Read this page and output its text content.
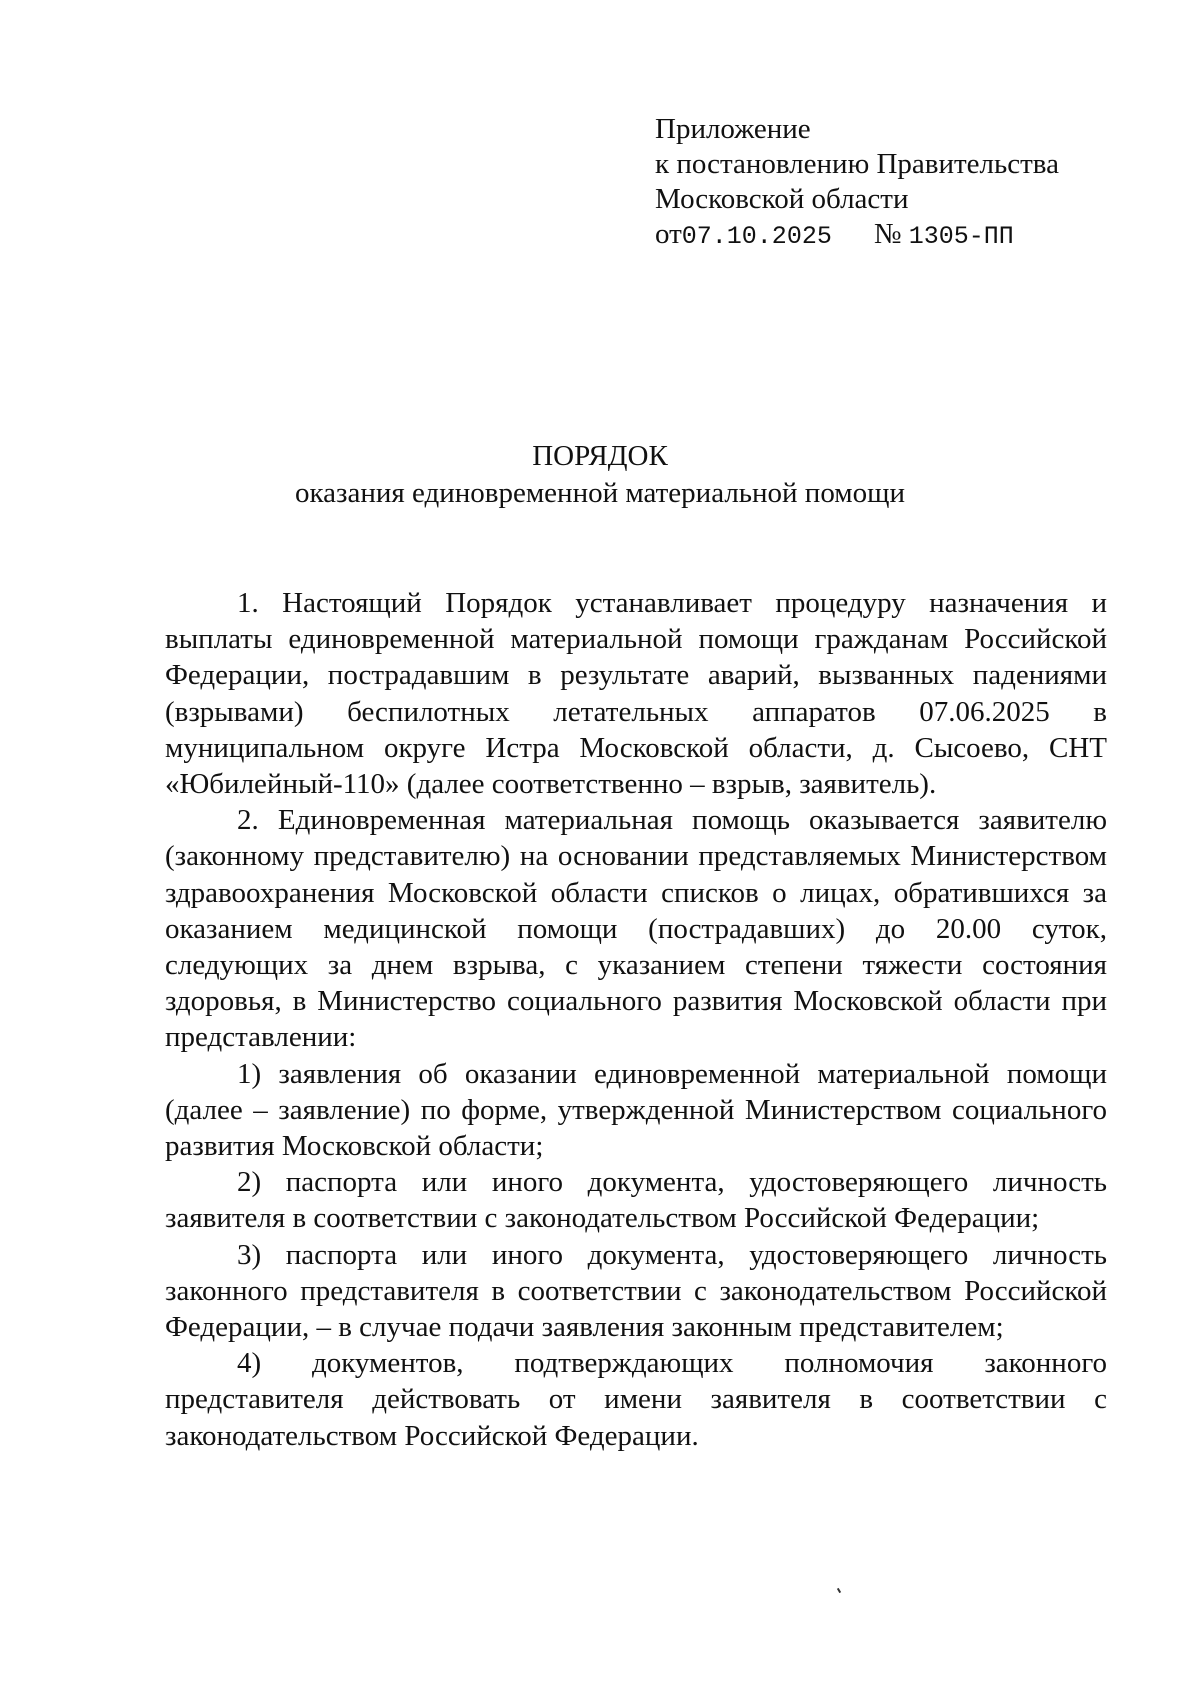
Приложение
к постановлению Правительства
Московской области
от07.10.2025 № 1305-ПП
ПОРЯДОК
оказания единовременной материальной помощи

1. Настоящий Порядок устанавливает процедуру назначения и выплаты единовременной материальной помощи гражданам Российской Федерации, пострадавшим в результате аварий, вызванных падениями (взрывами) беспилотных летательных аппаратов 07.06.2025 в муниципальном округе Истра Московской области, д. Сысоево, СНТ «Юбилейный-110» (далее соответственно – взрыв, заявитель).

2. Единовременная материальная помощь оказывается заявителю (законному представителю) на основании представляемых Министерством здравоохранения Московской области списков о лицах, обратившихся за оказанием медицинской помощи (пострадавших) до 20.00 суток, следующих за днем взрыва, с указанием степени тяжести состояния здоровья, в Министерство социального развития Московской области при представлении:

1) заявления об оказании единовременной материальной помощи (далее – заявление) по форме, утвержденной Министерством социального развития Московской области;

2) паспорта или иного документа, удостоверяющего личность заявителя в соответствии с законодательством Российской Федерации;

3) паспорта или иного документа, удостоверяющего личность законного представителя в соответствии с законодательством Российской Федерации, – в случае подачи заявления законным представителем;

4) документов, подтверждающих полномочия законного представителя действовать от имени заявителя в соответствии с законодательством Российской Федерации.
